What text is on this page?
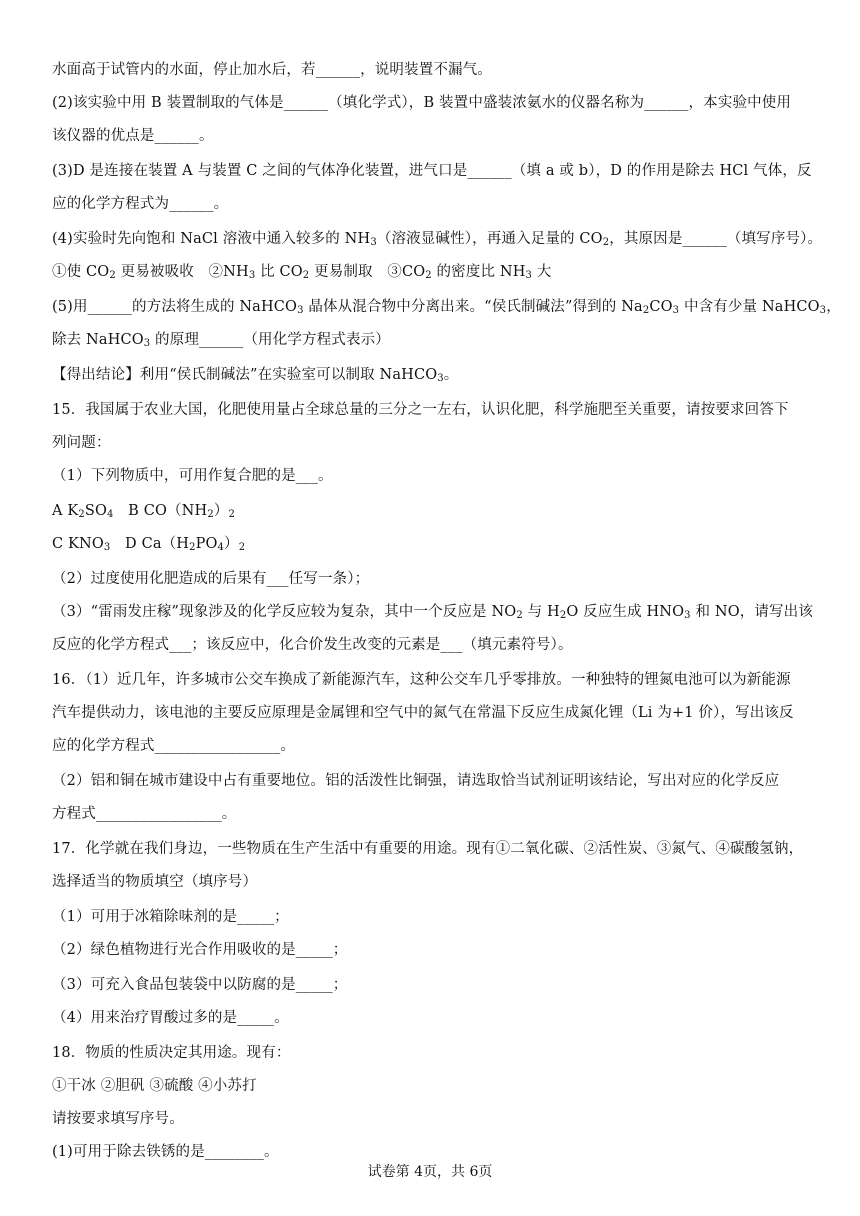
水面高于试管内的水面，停止加水后，若______，说明装置不漏气。
(2)该实验中用 B 装置制取的气体是______（填化学式），B 装置中盛装浓氨水的仪器名称为______，本实验中使用
该仪器的优点是______。
(3)D 是连接在装置 A 与装置 C 之间的气体净化装置，进气口是______（填 a 或 b），D 的作用是除去 HCl 气体，反
应的化学方程式为______。
(4)实验时先向饱和 NaCl 溶液中通入较多的 $NH_3$（溶液显碱性），再通入足量的 $CO_2$，其原因是______（填写序号）。
①使 $CO_2$ 更易被吸收　$②NH_3$ 比 $CO_2$ 更易制取　$③CO_2$ 的密度比 $NH_3$ 大
(5)用______的方法将生成的 NaHCO$_3$ 晶体从混合物中分离出来。“侯氏制碱法”得到的 $Na_2CO_3$ 中含有少量 NaHCO$_3$，
除去 NaHCO$_3$ 的原理______（用化学方程式表示）
【得出结论】利用“侯氏制碱法”在实验室可以制取 NaHCO$_3$。
15．我国属于农业大国，化肥使用量占全球总量的三分之一左右，认识化肥，科学施肥至关重要，请按要求回答下
列问题：
（1）下列物质中，可用作复合肥的是___。
A $K_2SO_4$　B $CO(NH_2)_2$
C $KNO_3$　D $Ca(H_2PO_4)_2$
（2）过度使用化肥造成的后果有___任写一条）；
（3）“雷雨发庄稼”现象涉及的化学反应较为复杂，其中一个反应是 $NO_2$ 与 $H_2O$ 反应生成 $HNO_3$ 和 NO，请写出该
反应的化学方程式___；该反应中，化合价发生改变的元素是___（填元素符号）。
16．（1）近几年，许多城市公交车换成了新能源汽车，这种公交车几乎零排放。一种独特的锂氮电池可以为新能源
汽车提供动力，该电池的主要反应原理是金属锂和空气中的氮气在常温下反应生成氮化锂（Li 为+1 价），写出该反
应的化学方程式_________________。
（2）铝和铜在城市建设中占有重要地位。铝的活泼性比铜强，请选取恰当试剂证明该结论，写出对应的化学反应
方程式_________________。
17．化学就在我们身边，一些物质在生产生活中有重要的用途。现有①二氧化碳、②活性炭、③氮气、④碳酸氢钠，
选择适当的物质填空（填序号）
（1）可用于冰箱除味剂的是_____；
（2）绿色植物进行光合作用吸收的是_____；
（3）可充入食品包装袋中以防腐的是_____；
（4）用来治疗胃酸过多的是_____。
18．物质的性质决定其用途。现有：
①干冰 ②胆矾 ③硫酸 ④小苏打
请按要求填写序号。
(1)可用于除去铁锈的是________。
试卷第 4页，共 6页
